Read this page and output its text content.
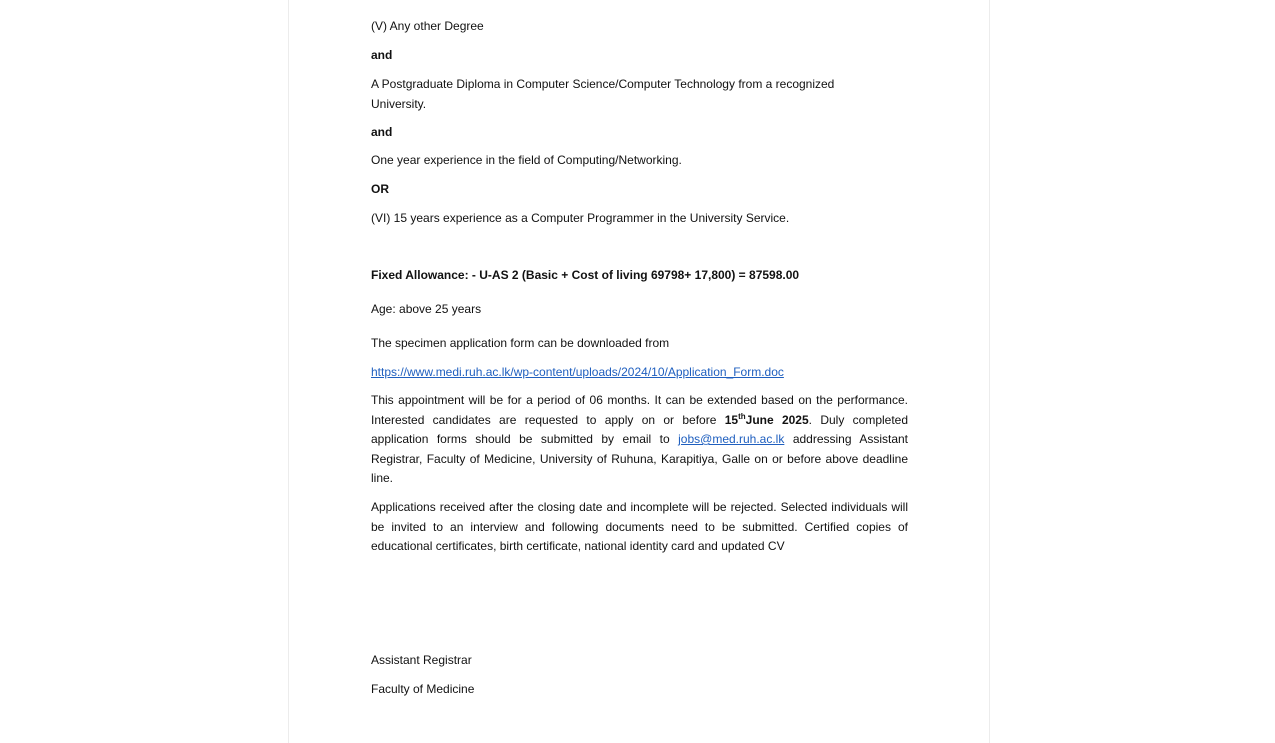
(V) Any other Degree

and

A Postgraduate Diploma in Computer Science/Computer Technology from a recognized
University.

and

One year experience in the field of Computing/Networking.

OR

(VI) 15 years experience as a Computer Programmer in the University Service.

Fixed Allowance: - U-AS 2 (Basic + Cost of living 69798+ 17,800) = 87598.00

Age: above 25 years

The specimen application form can be downloaded from

https://www.medi.ruh.ac.lk/wp-content/uploads/2024/10/Application_Form.doc

This appointment will be for a period of 06 months. It can be extended based on the performance. Interested candidates are requested to apply on or before 15thJune 2025. Duly completed application forms should be submitted by email to jobs@med.ruh.ac.lk addressing Assistant Registrar, Faculty of Medicine, University of Ruhuna, Karapitiya, Galle on or before above deadline line.

Applications received after the closing date and incomplete will be rejected. Selected individuals will be invited to an interview and following documents need to be submitted. Certified copies of educational certificates, birth certificate, national identity card and updated CV

Assistant Registrar

Faculty of Medicine
